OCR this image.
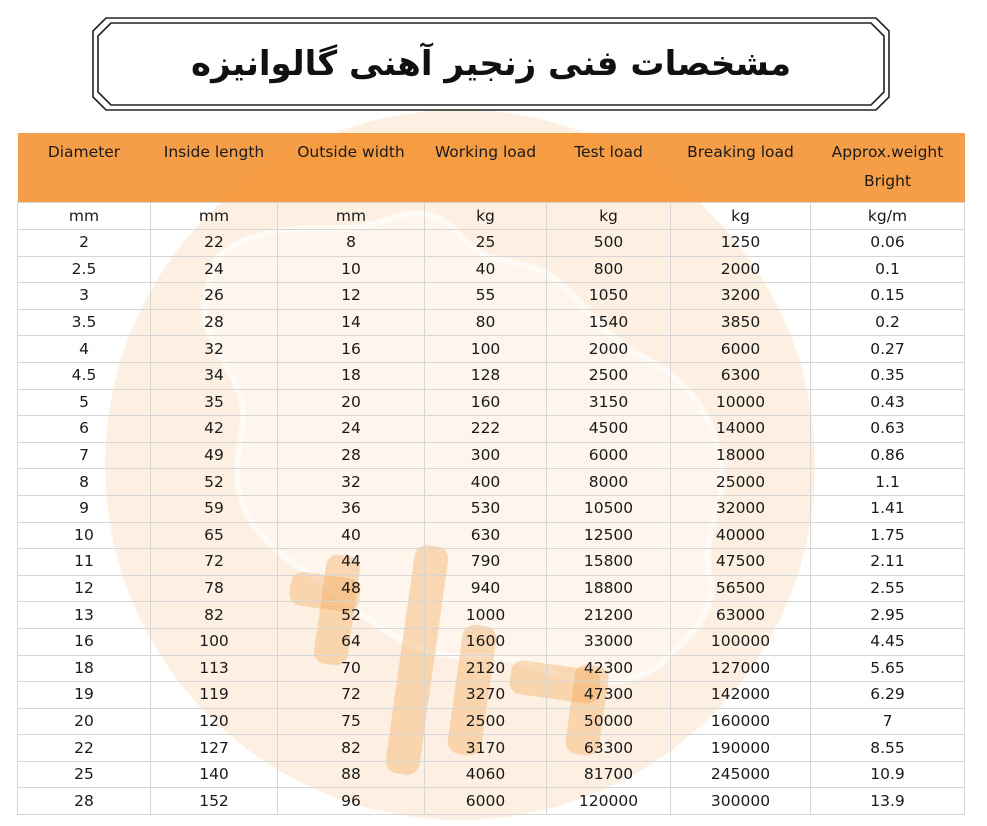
مشخصات فنی زنجیر آهنی گالوانیزه
Diameter	Inside length	Outside width	Working load	Test load	Breaking load	Approx.weight
Bright

mm	mm	mm	kg	kg	kg	kg/m
2	22	8	25	500	1250	0.06
2.5	24	10	40	800	2000	0.1
3	26	12	55	1050	3200	0.15
3.5	28	14	80	1540	3850	0.2
4	32	16	100	2000	6000	0.27
4.5	34	18	128	2500	6300	0.35
5	35	20	160	3150	10000	0.43
6	42	24	222	4500	14000	0.63
7	49	28	300	6000	18000	0.86
8	52	32	400	8000	25000	1.1
9	59	36	530	10500	32000	1.41
10	65	40	630	12500	40000	1.75
11	72	44	790	15800	47500	2.11
12	78	48	940	18800	56500	2.55
13	82	52	1000	21200	63000	2.95
16	100	64	1600	33000	100000	4.45
18	113	70	2120	42300	127000	5.65
19	119	72	3270	47300	142000	6.29
20	120	75	2500	50000	160000	7
22	127	82	3170	63300	190000	8.55
25	140	88	4060	81700	245000	10.9
28	152	96	6000	120000	300000	13.9
